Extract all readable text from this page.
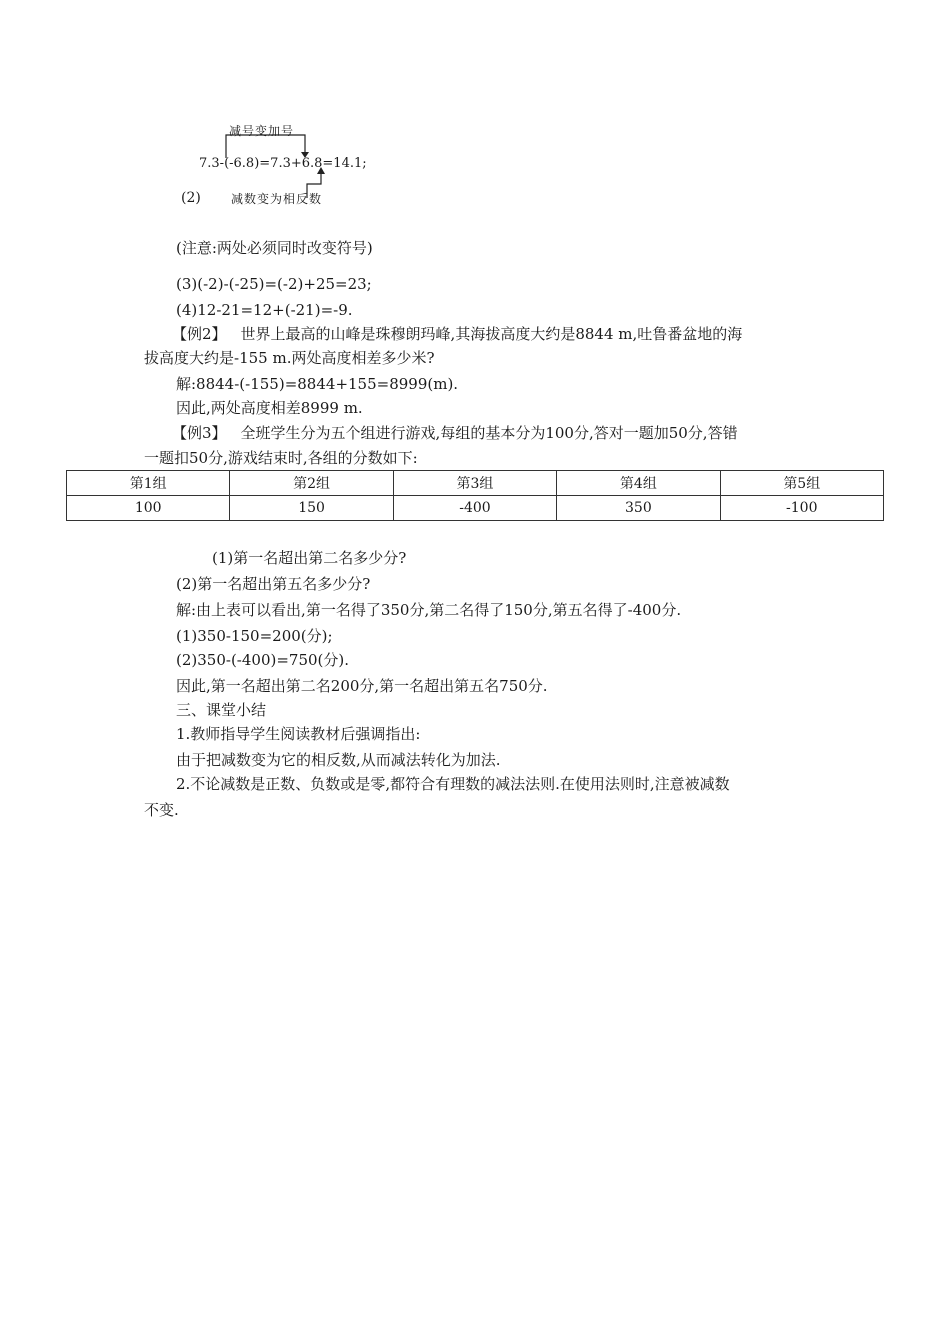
减号变加号
7.3-(-6.8)=7.3+6.8=14.1;
(2)	减数变为相反数
(注意:两处必须同时改变符号)
(3)(-2)-(-25)=(-2)+25=23;
(4)12-21=12+(-21)=-9.
【例2】 世界上最高的山峰是珠穆朗玛峰,其海拔高度大约是8844 m,吐鲁番盆地的海
拔高度大约是-155 m.两处高度相差多少米?
解:8844-(-155)=8844+155=8999(m).
因此,两处高度相差8999 m.
【例3】 全班学生分为五个组进行游戏,每组的基本分为100分,答对一题加50分,答错
一题扣50分,游戏结束时,各组的分数如下:
第1组	第2组	第3组	第4组	第5组
100	150	-400	350	-100
(1)第一名超出第二名多少分?
(2)第一名超出第五名多少分?
解:由上表可以看出,第一名得了350分,第二名得了150分,第五名得了-400分.
(1)350-150=200(分);
(2)350-(-400)=750(分).
因此,第一名超出第二名200分,第一名超出第五名750分.
三、课堂小结
1.教师指导学生阅读教材后强调指出:
由于把减数变为它的相反数,从而减法转化为加法.
2.不论减数是正数、负数或是零,都符合有理数的减法法则.在使用法则时,注意被减数
不变.
